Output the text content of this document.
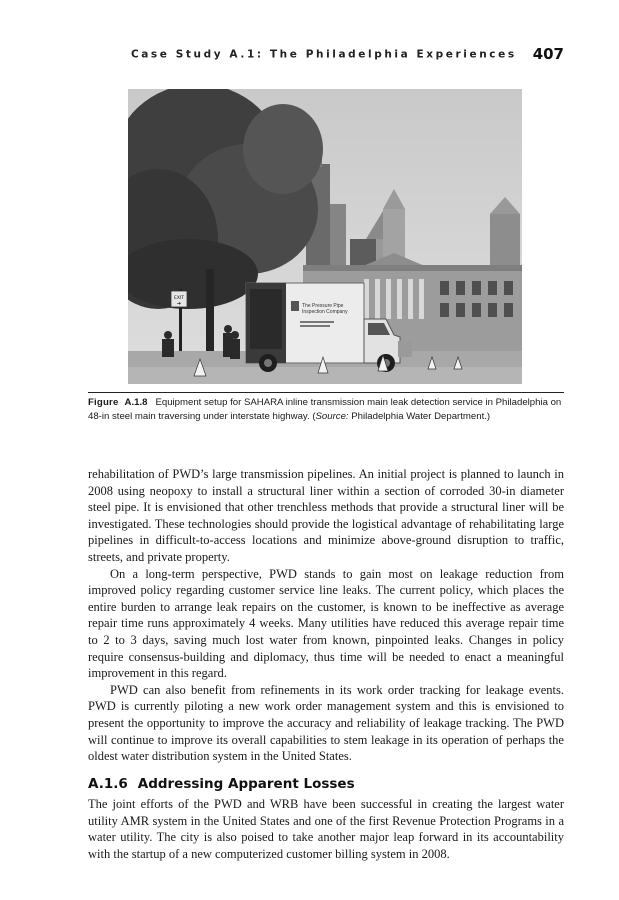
Case Study A.1: The Philadelphia Experiences 407
EXIT
➔	The Pressure Pipe Inspection Company
Figure A.1.8 Equipment setup for SAHARA inline transmission main leak detection service in Philadelphia on 48-in steel main traversing under interstate highway. (Source: Philadelphia Water Department.)

rehabilitation of PWD’s large transmission pipelines. An initial project is planned to launch in 2008 using neopoxy to install a structural liner within a section of corroded 30-in diameter steel pipe. It is envisioned that other trenchless methods that provide a structural liner will be investigated. These technologies should provide the logistical advantage of rehabilitating large pipelines in difficult-to-access locations and minimize above-ground disruption to traffic, streets, and private property.

On a long-term perspective, PWD stands to gain most on leakage reduction from improved policy regarding customer service line leaks. The current policy, which places the entire burden to arrange leak repairs on the customer, is known to be ineffective as average repair time runs approximately 4 weeks. Many utilities have reduced this average repair time to 2 to 3 days, saving much lost water from known, pinpointed leaks. Changes in policy require consensus-building and diplomacy, thus time will be needed to enact a meaningful improvement in this regard.

PWD can also benefit from refinements in its work order tracking for leakage events. PWD is currently piloting a new work order management system and this is envisioned to present the opportunity to improve the accuracy and reliability of leakage tracking. The PWD will continue to improve its overall capabilities to stem leakage in its operation of perhaps the oldest water distribution system in the United States.

A.1.6 Addressing Apparent Losses

The joint efforts of the PWD and WRB have been successful in creating the largest water utility AMR system in the United States and one of the first Revenue Protection Programs in a water utility. The city is also poised to take another major leap forward in its accountability with the startup of a new computerized customer billing system in 2008.
